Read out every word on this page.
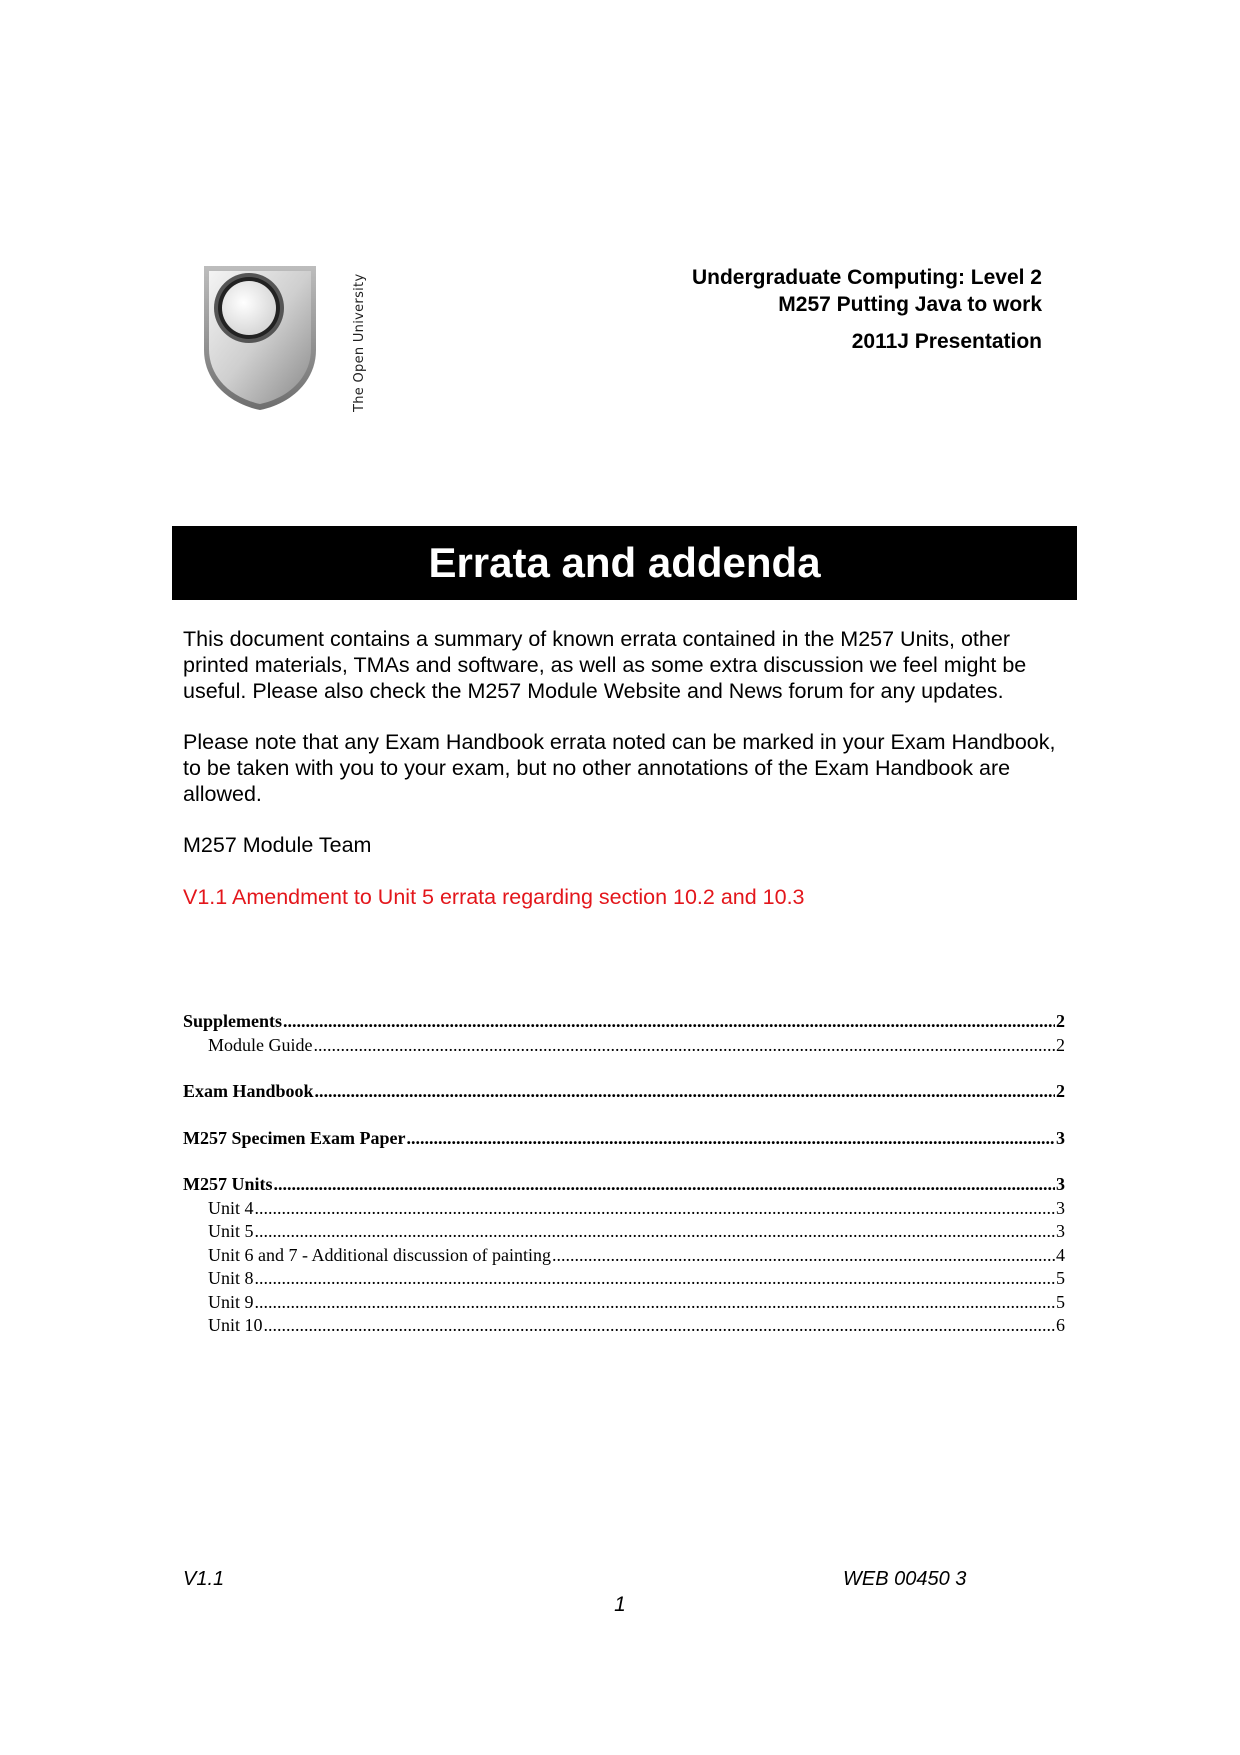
The Open University	Undergraduate Computing: Level 2
M257 Putting Java to work
2011J Presentation
Errata and addenda
This document contains a summary of known errata contained in the M257 Units, other printed materials, TMAs and software, as well as some extra discussion we feel might be useful. Please also check the M257 Module Website and News forum for any updates.
Please note that any Exam Handbook errata noted can be marked in your Exam Handbook, to be taken with you to your exam, but no other annotations of the Exam Handbook are allowed.
M257 Module Team
V1.1 Amendment to Unit 5 errata regarding section 10.2 and 10.3
Supplements .....	2
Module Guide .....	2
Exam Handbook .....	2
M257 Specimen Exam Paper .....	3
M257 Units .....	3
Unit 4 .....	3
Unit 5 .....	3
Unit 6 and 7 - Additional discussion of painting .....	4
Unit 8 .....	5
Unit 9 .....	5
Unit 10 .....	6
V1.1	WEB 00450 3
1
